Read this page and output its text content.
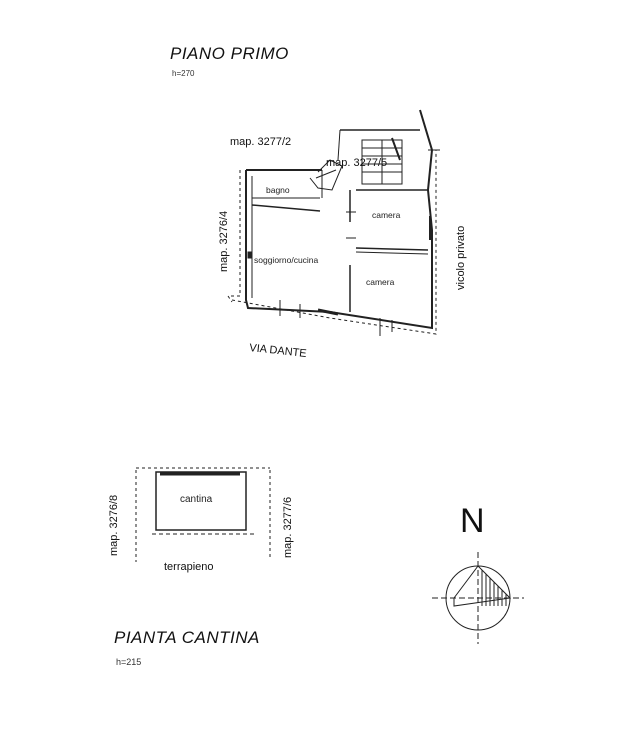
PIANO PRIMO
h=270
map. 3277/2
map. 3277/5
map. 3276/4
bagno
soggiorno/cucina
camera
camera
VIA DANTE
vicolo privato
cantina
map. 3276/8	map. 3277/6
terrapieno
PIANTA CANTINA
h=215
N
